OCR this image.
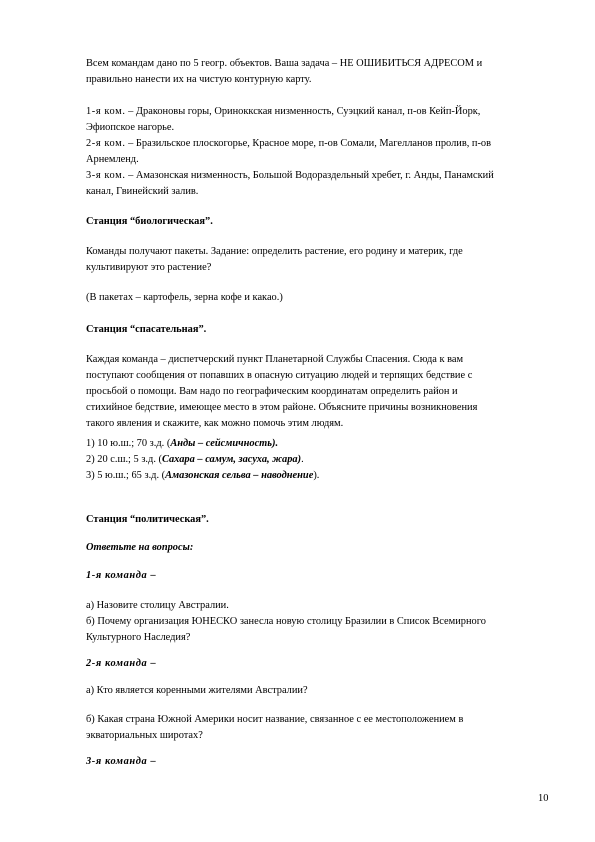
Всем командам дано по 5 геогр. объектов. Ваша задача – НЕ ОШИБИТЬСЯ АДРЕСОМ и
правильно нанести их на чистую контурную карту.

1-я ком. – Драконовы горы, Ориноккская низменность, Суэцкий канал, п-ов Кейп-Йорк,
Эфиопское нагорье.

2-я ком. – Бразильское плоскогорье, Красное море, п-ов Сомали, Магелланов пролив, п-ов
Арнемленд.

3-я ком. – Амазонская низменность, Большой Водораздельный хребет, г. Анды, Панамский
канал, Гвинейский залив.

Станция “биологическая”.

Команды получают пакеты. Задание: определить растение, его родину и материк, где
культивируют это растение?

(В пакетах – картофель, зерна кофе и какао.)

Станция “спасательная”.

Каждая команда – диспетчерский пункт Планетарной Службы Спасения. Сюда к вам
поступают сообщения от попавших в опасную ситуацию людей и терпящих бедствие с
просьбой о помощи. Вам надо по географическим координатам определить район и
стихийное бедствие, имеющее место в этом районе. Объясните причины возникновения
такого явления и скажите, как можно помочь этим людям.

1) 10 ю.ш.; 70 з.д. (Анды – сейсмичность).
2) 20 с.ш.; 5 з.д. (Сахара – самум, засуха, жара).
3) 5 ю.ш.; 65 з.д. (Амазонская сельва – наводнение).

Станция “политическая”.

Ответьте на вопросы:

1-я команда –

а) Назовите столицу Австралии.
б) Почему организация ЮНЕСКО занесла новую столицу Бразилии в Список Всемирного
Культурного Наследия?

2-я команда –

а) Кто является коренными жителями Австралии?

б) Какая страна Южной Америки носит название, связанное с ее местоположением в
экваториальных широтах?

3-я команда –

10
